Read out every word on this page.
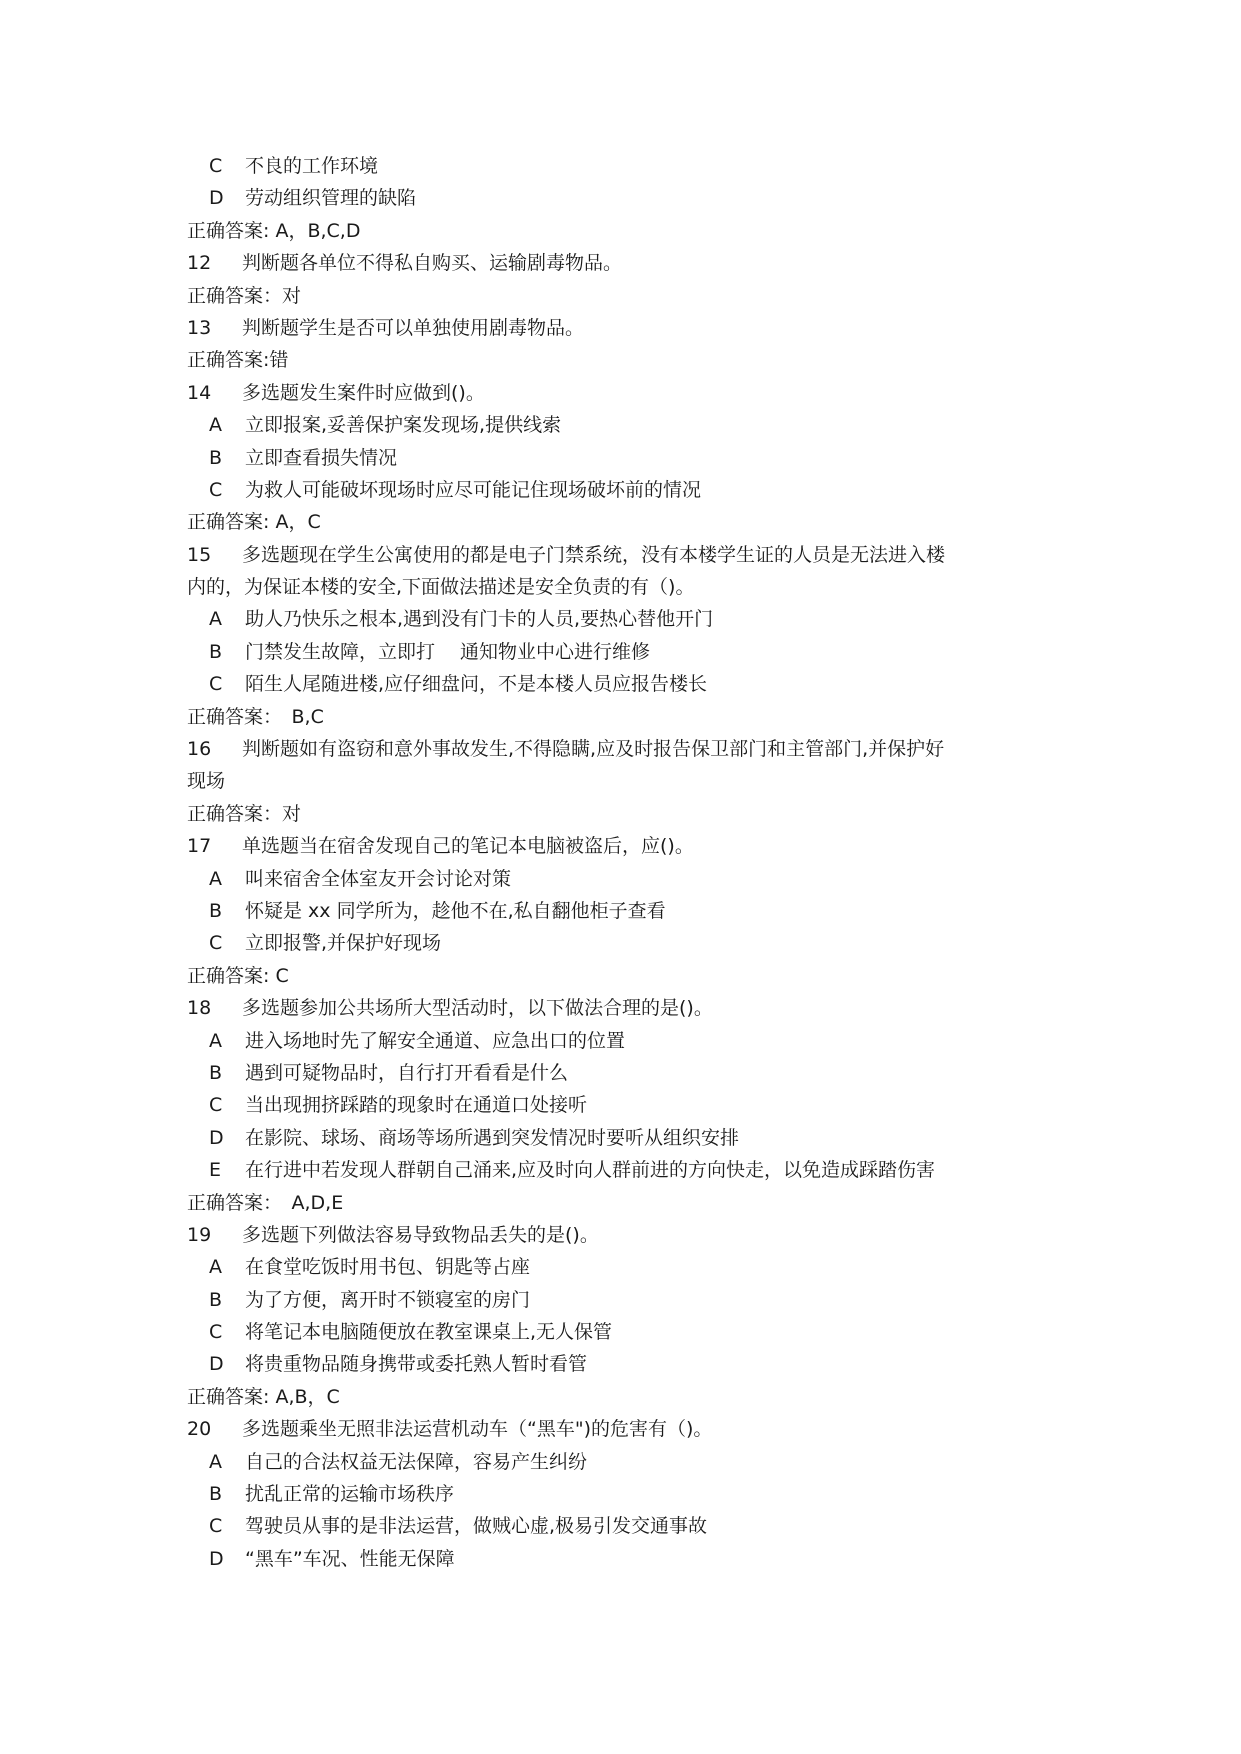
C 不良的工作环境
D 劳动组织管理的缺陷
正确答案: A，B,C,D
12 判断题各单位不得私自购买、运输剧毒物品。
正确答案：对
13 判断题学生是否可以单独使用剧毒物品。
正确答案:错
14 多选题发生案件时应做到()。
A 立即报案,妥善保护案发现场,提供线索
B 立即查看损失情况
C 为救人可能破坏现场时应尽可能记住现场破坏前的情况
正确答案: A，C
15 多选题现在学生公寓使用的都是电子门禁系统，没有本楼学生证的人员是无法进入楼
内的，为保证本楼的安全,下面做法描述是安全负责的有（)。
A 助人乃快乐之根本,遇到没有门卡的人员,要热心替他开门
B 门禁发生故障，立即打　 通知物业中心进行维修
C 陌生人尾随进楼,应仔细盘问，不是本楼人员应报告楼长
正确答案：　B,C
16 判断题如有盗窃和意外事故发生,不得隐瞒,应及时报告保卫部门和主管部门,并保护好
现场
正确答案：对
17 单选题当在宿舍发现自己的笔记本电脑被盗后，应()。
A 叫来宿舍全体室友开会讨论对策
B 怀疑是 xx 同学所为，趁他不在,私自翻他柜子查看
C 立即报警,并保护好现场
正确答案: C
18 多选题参加公共场所大型活动时，以下做法合理的是()。
A 进入场地时先了解安全通道、应急出口的位置
B 遇到可疑物品时，自行打开看看是什么
C 当出现拥挤踩踏的现象时在通道口处接听
D 在影院、球场、商场等场所遇到突发情况时要听从组织安排
E 在行进中若发现人群朝自己涌来,应及时向人群前进的方向快走，以免造成踩踏伤害
正确答案：　A,D,E
19 多选题下列做法容易导致物品丢失的是()。
A 在食堂吃饭时用书包、钥匙等占座
B 为了方便，离开时不锁寝室的房门
C 将笔记本电脑随便放在教室课桌上,无人保管
D 将贵重物品随身携带或委托熟人暂时看管
正确答案: A,B，C
20 多选题乘坐无照非法运营机动车（“黑车")的危害有（)。
A 自己的合法权益无法保障，容易产生纠纷
B 扰乱正常的运输市场秩序
C 驾驶员从事的是非法运营，做贼心虚,极易引发交通事故
D “黑车”车况、性能无保障
